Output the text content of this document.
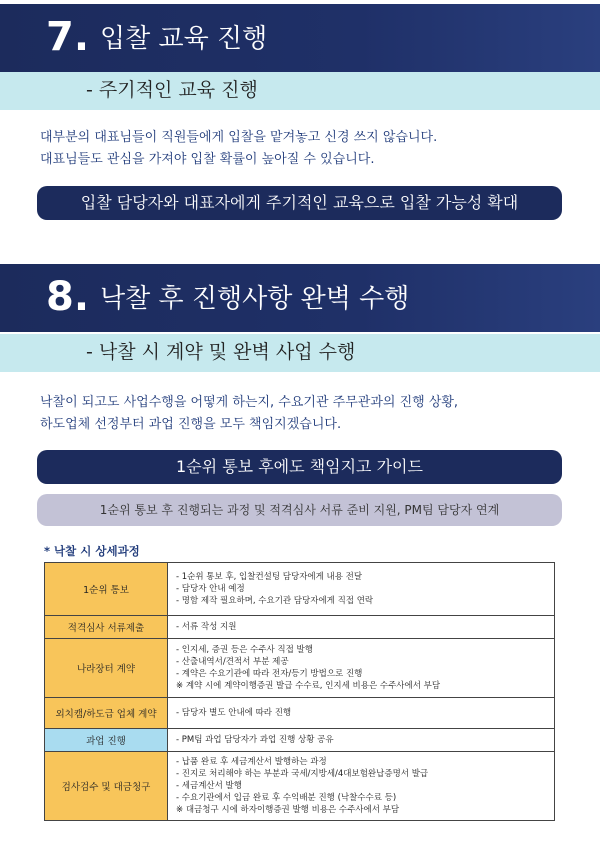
7. 입찰 교육 진행
- 주기적인 교육 진행
대부분의 대표님들이 직원들에게 입찰을 맡겨놓고 신경 쓰지 않습니다.
대표님들도 관심을 가져야 입찰 확률이 높아질 수 있습니다.
입찰 담당자와 대표자에게 주기적인 교육으로 입찰 가능성 확대
8. 낙찰 후 진행사항 완벽 수행
- 낙찰 시 계약 및 완벽 사업 수행
낙찰이 되고도 사업수행을 어떻게 하는지, 수요기관 주무관과의 진행 상황,
하도업체 선정부터 과업 진행을 모두 책임지겠습니다.
1순위 통보 후에도 책임지고 가이드
1순위 통보 후 진행되는 과정 및 적격심사 서류 준비 지원, PM팀 담당자 연계
* 낙찰 시 상세과정
1순위 통보	- 1순위 통보 후, 입찰컨설팅 담당자에게 내용 전달
- 담당자 안내 예정
- 명함 제작 필요하며, 수요기관 담당자에게 직접 연락

적격심사 서류제출	- 서류 작성 지원

나라장터 계약	- 인지세, 증권 등은 수주사 직접 발행
- 산출내역서/견적서 부분 제공
- 계약은 수요기관에 따라 전자/등기 방법으로 진행
※ 계약 시에 계약이행증권 발급 수수료, 인지세 비용은 수주사에서 부담

외치캠/하도급 업체 계약	- 담당자 별도 안내에 따라 진행

과업 진행	- PM팀 과업 담당자가 과업 진행 상황 공유

검사검수 및 대금청구	- 납품 완료 후 세금계산서 발행하는 과정
- 진지로 처리해야 하는 부분과 국세/지방세/4대보험완납증명서 발급
- 세금계산서 발행
- 수요기관에서 입금 완료 후 수익배분 진행 (낙찰수수료 등)
※ 대금청구 시에 하자이행증권 발행 비용은 수주사에서 부담
